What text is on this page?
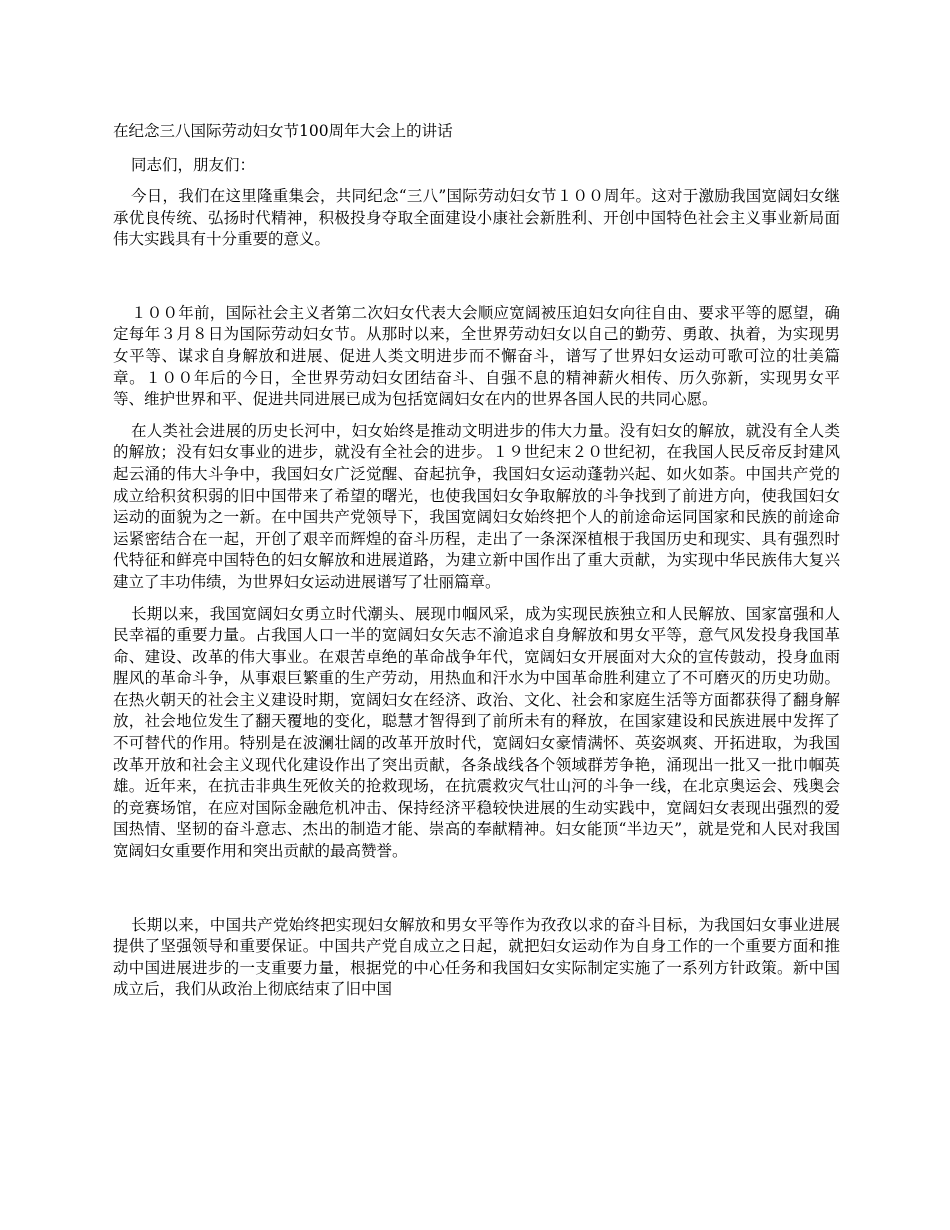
在纪念三八国际劳动妇女节100周年大会上的讲话
同志们，朋友们：

今日，我们在这里隆重集会，共同纪念“三八”国际劳动妇女节１００周年。这对于激励我国宽阔妇女继承优良传统、弘扬时代精神，积极投身夺取全面建设小康社会新胜利、开创中国特色社会主义事业新局面伟大实践具有十分重要的意义。

１００年前，国际社会主义者第二次妇女代表大会顺应宽阔被压迫妇女向往自由、要求平等的愿望，确定每年３月８日为国际劳动妇女节。从那时以来，全世界劳动妇女以自己的勤劳、勇敢、执着，为实现男女平等、谋求自身解放和进展、促进人类文明进步而不懈奋斗，谱写了世界妇女运动可歌可泣的壮美篇章。１００年后的今日，全世界劳动妇女团结奋斗、自强不息的精神薪火相传、历久弥新，实现男女平等、维护世界和平、促进共同进展已成为包括宽阔妇女在内的世界各国人民的共同心愿。

在人类社会进展的历史长河中，妇女始终是推动文明进步的伟大力量。没有妇女的解放，就没有全人类的解放；没有妇女事业的进步，就没有全社会的进步。１９世纪末２０世纪初，在我国人民反帝反封建风起云涌的伟大斗争中，我国妇女广泛觉醒、奋起抗争，我国妇女运动蓬勃兴起、如火如荼。中国共产党的成立给积贫积弱的旧中国带来了希望的曙光，也使我国妇女争取解放的斗争找到了前进方向，使我国妇女运动的面貌为之一新。在中国共产党领导下，我国宽阔妇女始终把个人的前途命运同国家和民族的前途命运紧密结合在一起，开创了艰辛而辉煌的奋斗历程，走出了一条深深植根于我国历史和现实、具有强烈时代特征和鲜亮中国特色的妇女解放和进展道路，为建立新中国作出了重大贡献，为实现中华民族伟大复兴建立了丰功伟绩，为世界妇女运动进展谱写了壮丽篇章。

长期以来，我国宽阔妇女勇立时代潮头、展现巾帼风采，成为实现民族独立和人民解放、国家富强和人民幸福的重要力量。占我国人口一半的宽阔妇女矢志不渝追求自身解放和男女平等，意气风发投身我国革命、建设、改革的伟大事业。在艰苦卓绝的革命战争年代，宽阔妇女开展面对大众的宣传鼓动，投身血雨腥风的革命斗争，从事艰巨繁重的生产劳动，用热血和汗水为中国革命胜利建立了不可磨灭的历史功勋。在热火朝天的社会主义建设时期，宽阔妇女在经济、政治、文化、社会和家庭生活等方面都获得了翻身解放，社会地位发生了翻天覆地的变化，聪慧才智得到了前所未有的释放，在国家建设和民族进展中发挥了不可替代的作用。特别是在波澜壮阔的改革开放时代，宽阔妇女豪情满怀、英姿飒爽、开拓进取，为我国改革开放和社会主义现代化建设作出了突出贡献，各条战线各个领域群芳争艳，涌现出一批又一批巾帼英雄。近年来，在抗击非典生死攸关的抢救现场，在抗震救灾气壮山河的斗争一线，在北京奥运会、残奥会的竞赛场馆，在应对国际金融危机冲击、保持经济平稳较快进展的生动实践中，宽阔妇女表现出强烈的爱国热情、坚韧的奋斗意志、杰出的制造才能、崇高的奉献精神。妇女能顶“半边天”，就是党和人民对我国宽阔妇女重要作用和突出贡献的最高赞誉。

长期以来，中国共产党始终把实现妇女解放和男女平等作为孜孜以求的奋斗目标，为我国妇女事业进展提供了坚强领导和重要保证。中国共产党自成立之日起，就把妇女运动作为自身工作的一个重要方面和推动中国进展进步的一支重要力量，根据党的中心任务和我国妇女实际制定实施了一系列方针政策。新中国成立后，我们从政治上彻底结束了旧中国
